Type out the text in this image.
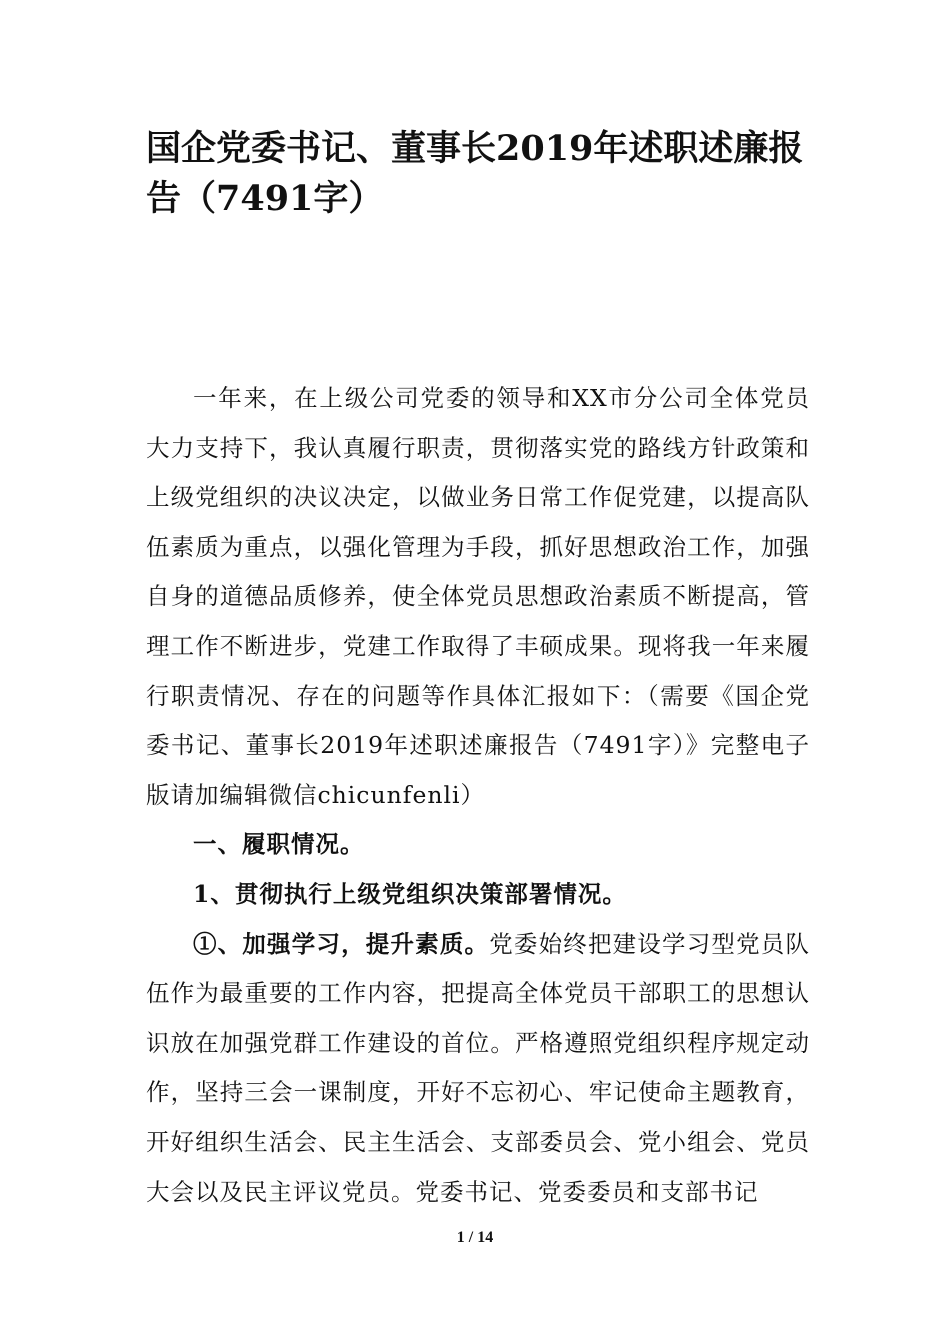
国企党委书记、董事长2019年述职述廉报告（7491字）

一年来，在上级公司党委的领导和XX市分公司全体党员大力支持下，我认真履行职责，贯彻落实党的路线方针政策和上级党组织的决议决定，以做业务日常工作促党建，以提高队伍素质为重点，以强化管理为手段，抓好思想政治工作，加强自身的道德品质修养，使全体党员思想政治素质不断提高，管理工作不断进步，党建工作取得了丰硕成果。现将我一年来履行职责情况、存在的问题等作具体汇报如下：（需要《国企党委书记、董事长2019年述职述廉报告（7491字）》完整电子版请加编辑微信chicunfenli）

一、履职情况。

1、贯彻执行上级党组织决策部署情况。

①、加强学习，提升素质。党委始终把建设学习型党员队伍作为最重要的工作内容，把提高全体党员干部职工的思想认识放在加强党群工作建设的首位。严格遵照党组织程序规定动作，坚持三会一课制度，开好不忘初心、牢记使命主题教育，开好组织生活会、民主生活会、支部委员会、党小组会、党员大会以及民主评议党员。党委书记、党委委员和支部书记

1 / 14
